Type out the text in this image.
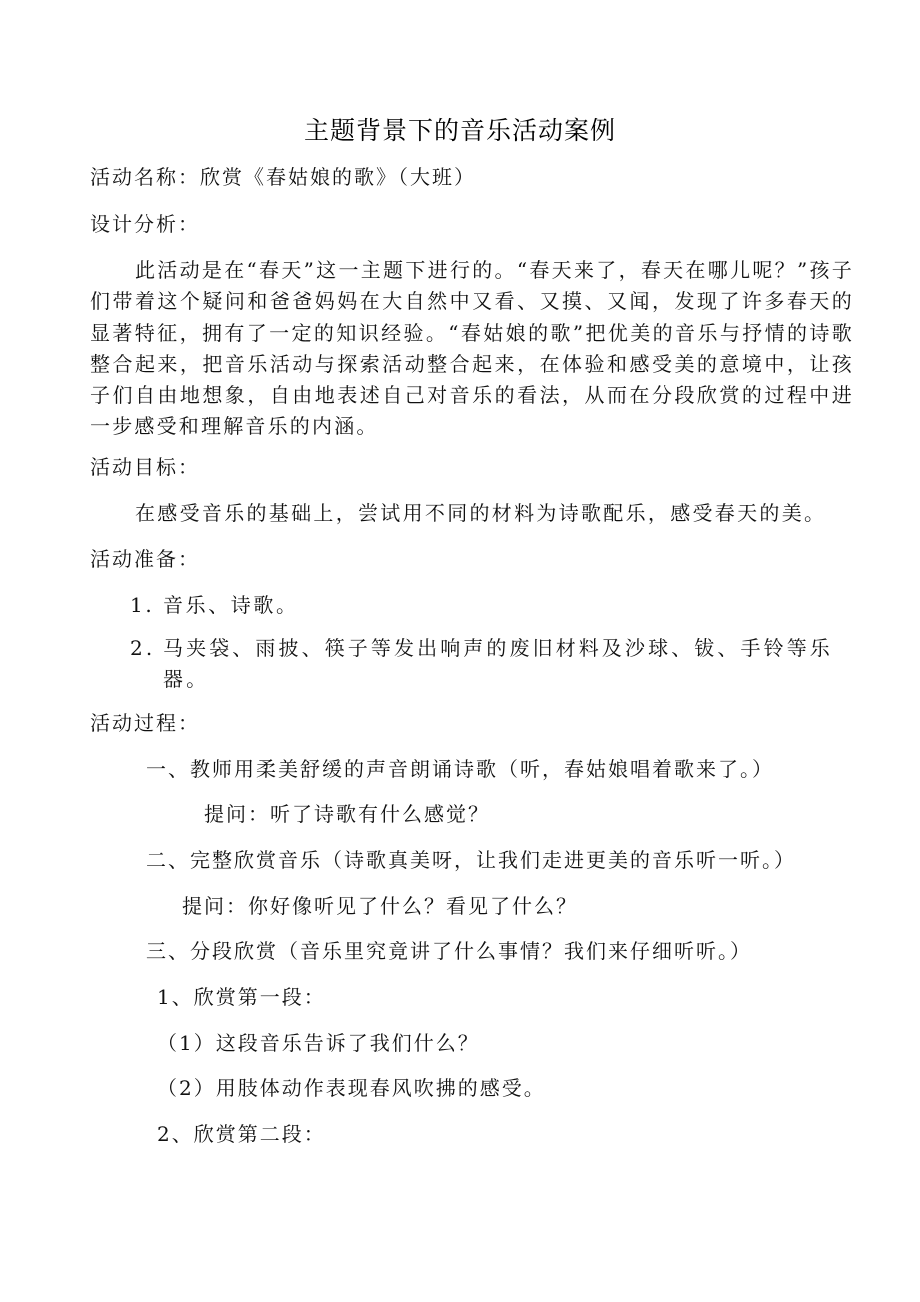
主题背景下的音乐活动案例
活动名称：欣赏《春姑娘的歌》（大班）
设计分析：
此活动是在“春天”这一主题下进行的。“春天来了，春天在哪儿呢？”孩子们带着这个疑问和爸爸妈妈在大自然中又看、又摸、又闻，发现了许多春天的显著特征，拥有了一定的知识经验。“春姑娘的歌”把优美的音乐与抒情的诗歌整合起来，把音乐活动与探索活动整合起来，在体验和感受美的意境中，让孩子们自由地想象，自由地表述自己对音乐的看法，从而在分段欣赏的过程中进一步感受和理解音乐的内涵。
活动目标：
在感受音乐的基础上，尝试用不同的材料为诗歌配乐，感受春天的美。
活动准备：
1. 音乐、诗歌。
2. 马夹袋、雨披、筷子等发出响声的废旧材料及沙球、钹、手铃等乐器。
活动过程：
一、教师用柔美舒缓的声音朗诵诗歌（听，春姑娘唱着歌来了。）
提问：听了诗歌有什么感觉？
二、完整欣赏音乐（诗歌真美呀，让我们走进更美的音乐听一听。）
提问：你好像听见了什么？看见了什么？
三、分段欣赏（音乐里究竟讲了什么事情？我们来仔细听听。）
1、欣赏第一段：
（1）这段音乐告诉了我们什么？
（2）用肢体动作表现春风吹拂的感受。
2、欣赏第二段：
